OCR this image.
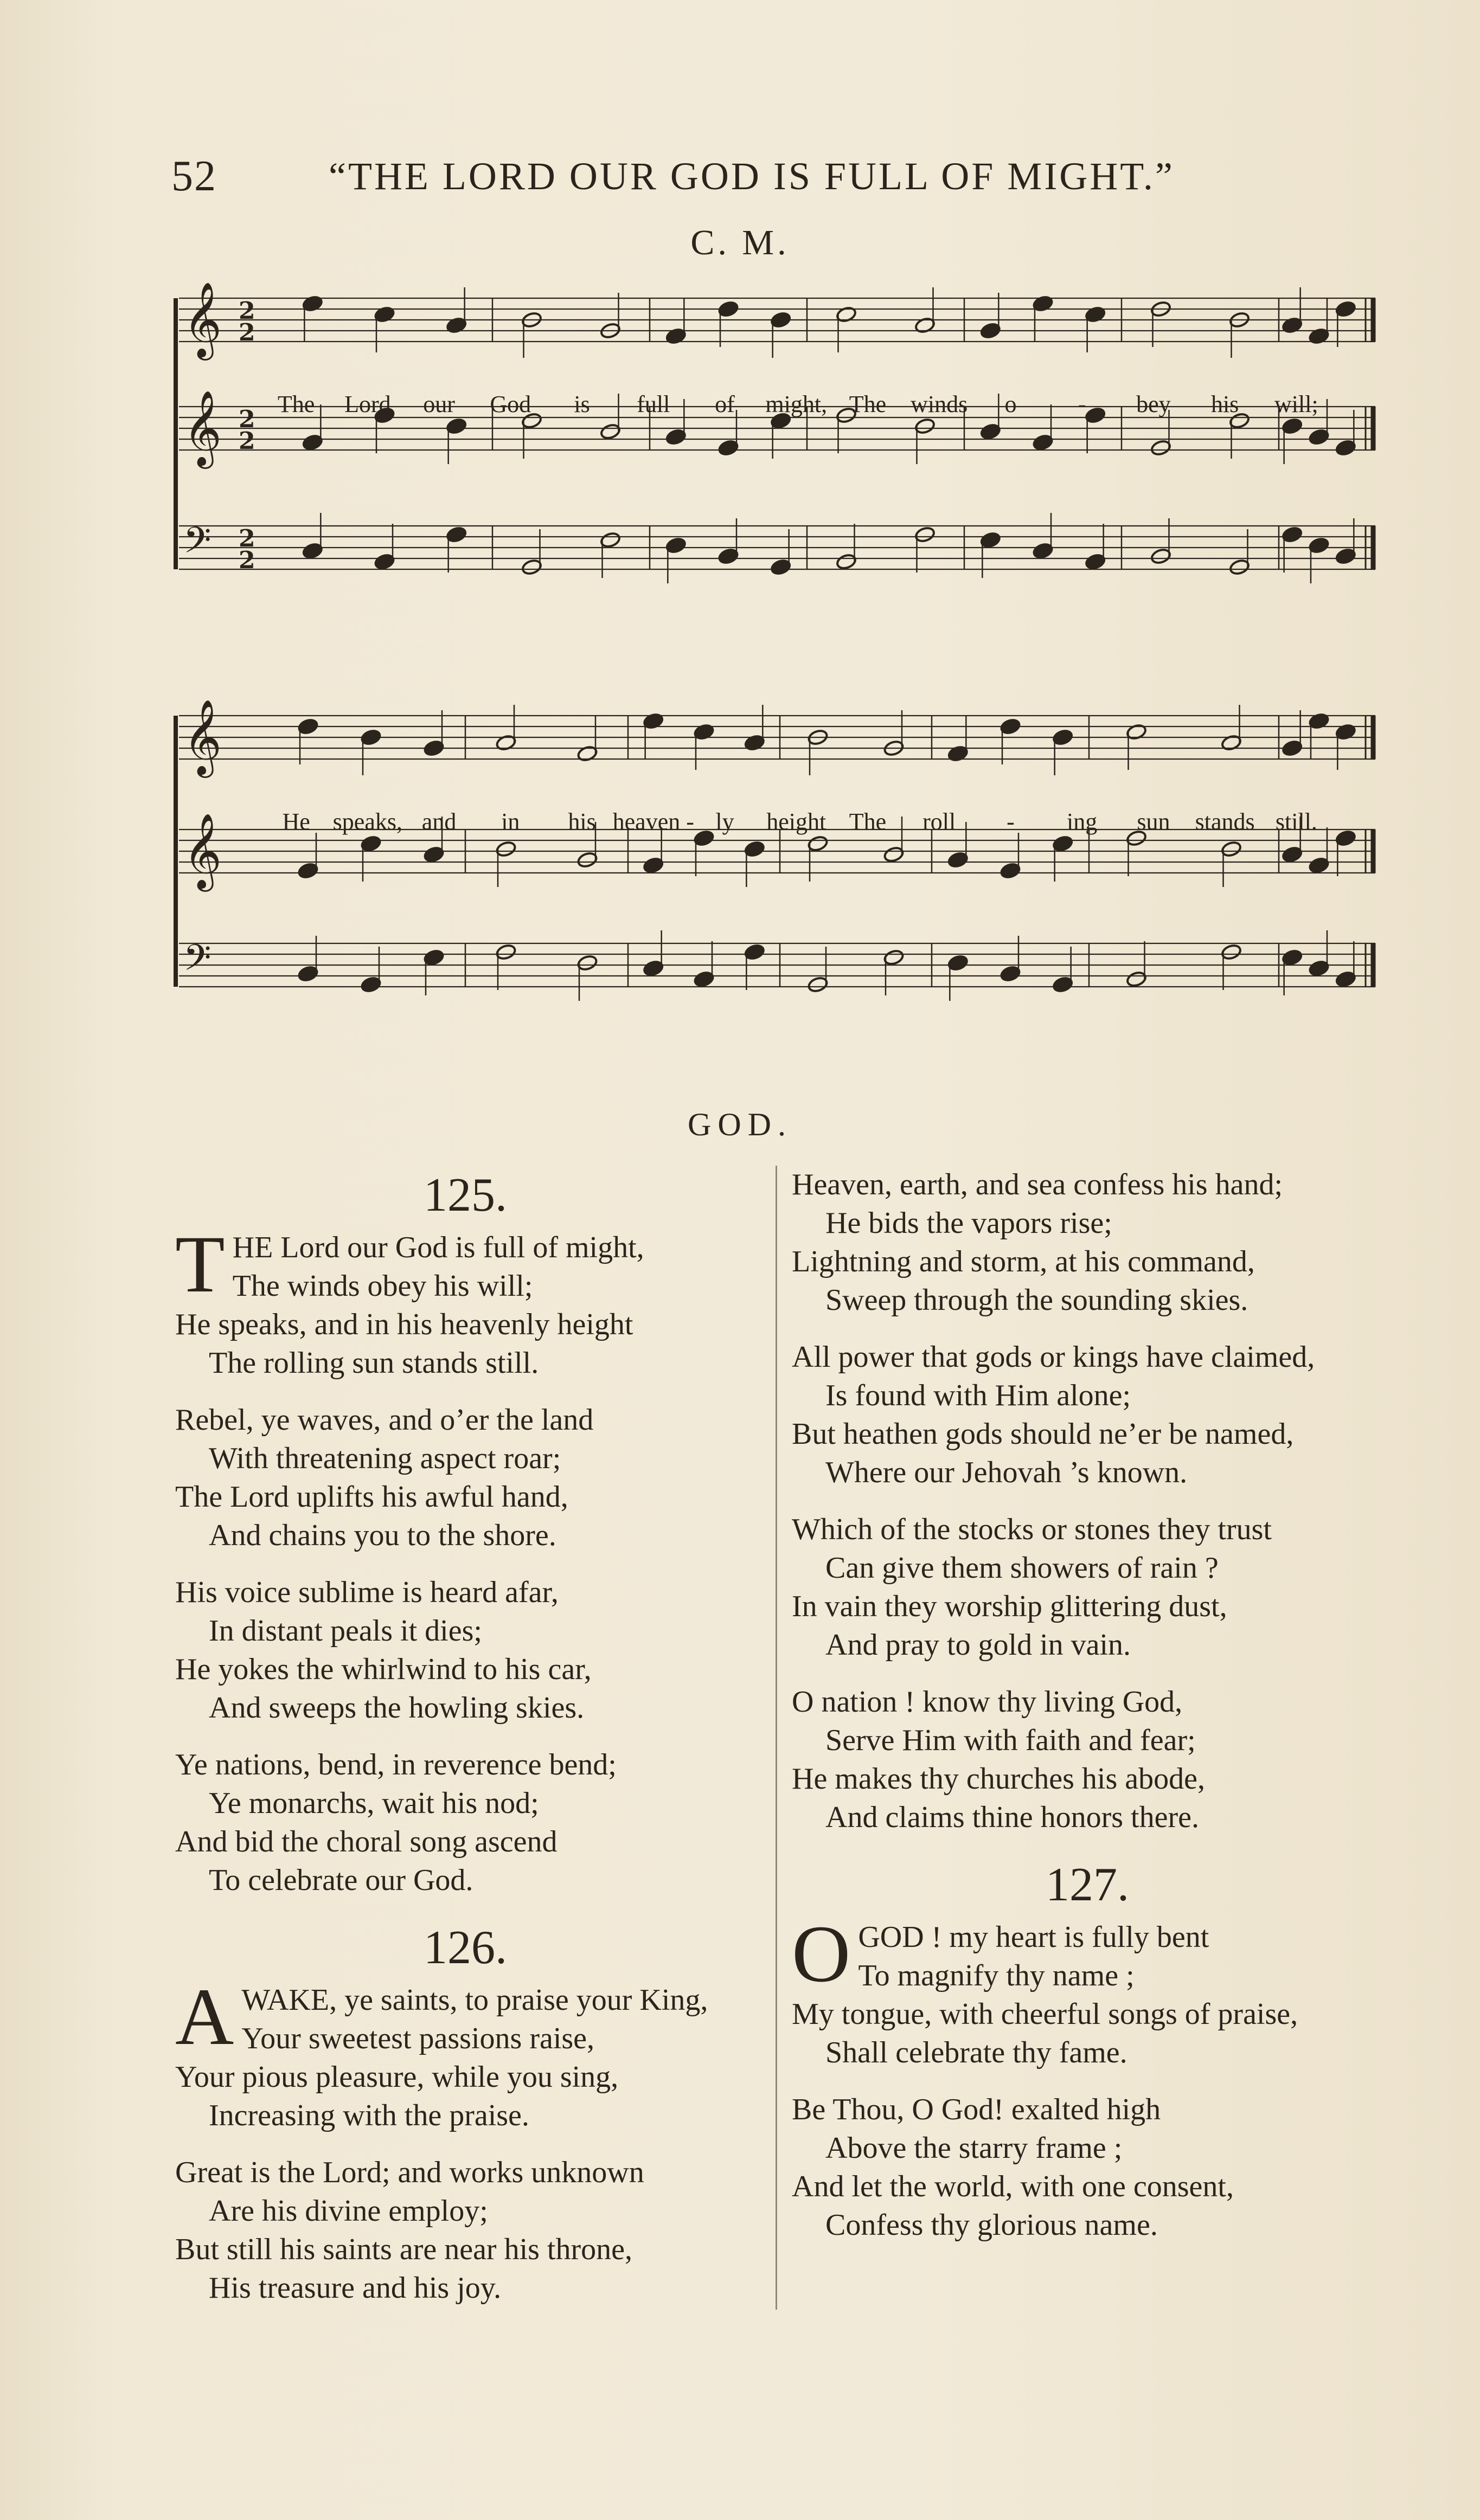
52	“THE LORD OUR GOD IS FULL OF MIGHT.”
C. M.
𝄞 2
2
𝄞 2
2
𝄢 2
2
The Lord our God is full of might, The winds o	- bey his will;
𝄞
𝄞
𝄢
He speaks, and in his heaven - ly height The roll - ing sun stands still.
GOD.
125.
T HE Lord our God is full of might,
The winds obey his will;
He speaks, and in his heavenly height
The rolling sun stands still.
Rebel, ye waves, and o’er the land
With threatening aspect roar;
The Lord uplifts his awful hand,
And chains you to the shore.
His voice sublime is heard afar,
In distant peals it dies;
He yokes the whirlwind to his car,
And sweeps the howling skies.
Ye nations, bend, in reverence bend;
Ye monarchs, wait his nod;
And bid the choral song ascend
To celebrate our God.
126.
A WAKE, ye saints, to praise your King,
Your sweetest passions raise,
Your pious pleasure, while you sing,
Increasing with the praise.
Great is the Lord; and works unknown
Are his divine employ;
But still his saints are near his throne,
His treasure and his joy.
Heaven, earth, and sea confess his hand;
He bids the vapors rise;
Lightning and storm, at his command,
Sweep through the sounding skies.
All power that gods or kings have claimed,
Is found with Him alone;
But heathen gods should ne’er be named,
Where our Jehovah ’s known.
Which of the stocks or stones they trust
Can give them showers of rain ?
In vain they worship glittering dust,
And pray to gold in vain.
O nation ! know thy living God,
Serve Him with faith and fear;
He makes thy churches his abode,
And claims thine honors there.
127.
O GOD ! my heart is fully bent
To magnify thy name ;
My tongue, with cheerful songs of praise,
Shall celebrate thy fame.
Be Thou, O God! exalted high
Above the starry frame ;
And let the world, with one consent,
Confess thy glorious name.
